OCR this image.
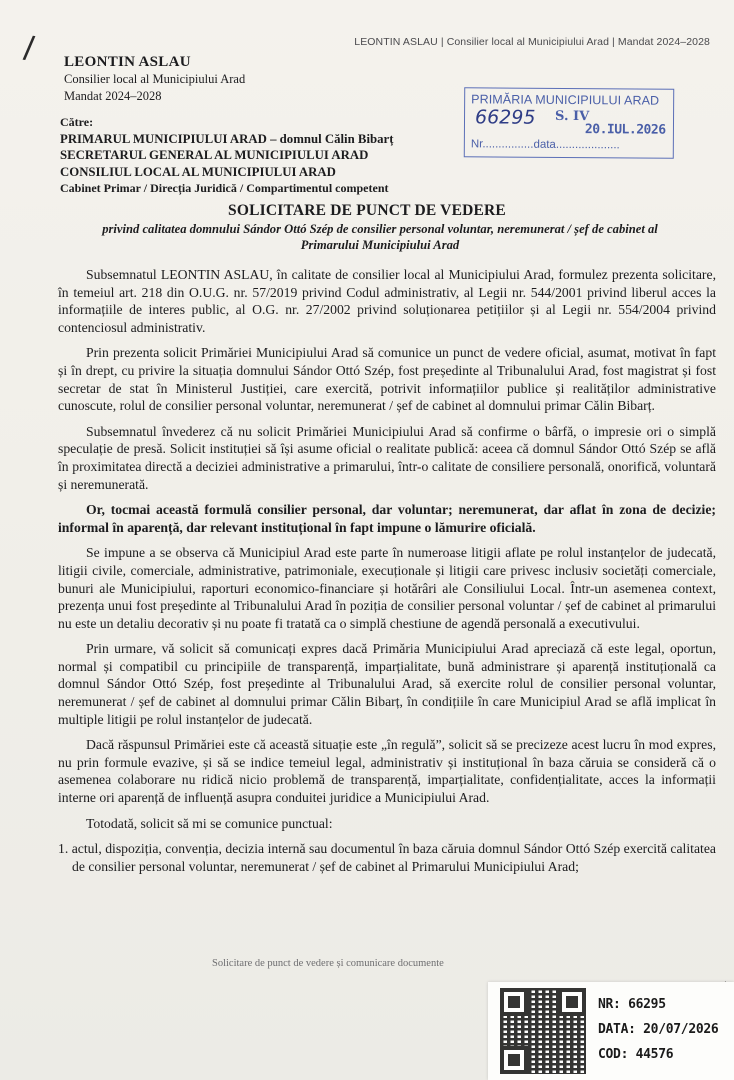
/	LEONTIN ASLAU | Consilier local al Municipiului Arad | Mandat 2024–2028
LEONTIN ASLAU
Consilier local al Municipiului Arad
Mandat 2024–2028
Către:
PRIMARUL MUNICIPIULUI ARAD – domnul Călin Bibarț
SECRETARUL GENERAL AL MUNICIPIULUI ARAD
CONSILIUL LOCAL AL MUNICIPIULUI ARAD
Cabinet Primar / Direcția Juridică / Compartimentul competent
PRIMĂRIA MUNICIPIULUI ARAD
66295 S. IV
20.IUL.2026
Nr................data....................
SOLICITARE DE PUNCT DE VEDERE
privind calitatea domnului Sándor Ottó Szép de consilier personal voluntar, neremunerat / șef de cabinet al Primarului Municipiului Arad

Subsemnatul LEONTIN ASLAU, în calitate de consilier local al Municipiului Arad, formulez prezenta solicitare, în temeiul art. 218 din O.U.G. nr. 57/2019 privind Codul administrativ, al Legii nr. 544/2001 privind liberul acces la informațiile de interes public, al O.G. nr. 27/2002 privind soluționarea petițiilor și al Legii nr. 554/2004 privind contenciosul administrativ.

Prin prezenta solicit Primăriei Municipiului Arad să comunice un punct de vedere oficial, asumat, motivat în fapt și în drept, cu privire la situația domnului Sándor Ottó Szép, fost președinte al Tribunalului Arad, fost magistrat și fost secretar de stat în Ministerul Justiției, care exercită, potrivit informațiilor publice și realităților administrative cunoscute, rolul de consilier personal voluntar, neremunerat / șef de cabinet al domnului primar Călin Bibarț.

Subsemnatul învederez că nu solicit Primăriei Municipiului Arad să confirme o bârfă, o impresie ori o simplă speculație de presă. Solicit instituției să își asume oficial o realitate publică: aceea că domnul Sándor Ottó Szép se află în proximitatea directă a deciziei administrative a primarului, într-o calitate de consiliere personală, onorifică, voluntară și neremunerată.

Or, tocmai această formulă consilier personal, dar voluntar; neremunerat, dar aflat în zona de decizie; informal în aparență, dar relevant instituțional în fapt impune o lămurire oficială.

Se impune a se observa că Municipiul Arad este parte în numeroase litigii aflate pe rolul instanțelor de judecată, litigii civile, comerciale, administrative, patrimoniale, execuționale și litigii care privesc inclusiv societăți comerciale, bunuri ale Municipiului, raporturi economico-financiare și hotărâri ale Consiliului Local. Într-un asemenea context, prezența unui fost președinte al Tribunalului Arad în poziția de consilier personal voluntar / șef de cabinet al primarului nu este un detaliu decorativ și nu poate fi tratată ca o simplă chestiune de agendă personală a executivului.

Prin urmare, vă solicit să comunicați expres dacă Primăria Municipiului Arad apreciază că este legal, oportun, normal și compatibil cu principiile de transparență, imparțialitate, bună administrare și aparență instituțională ca domnul Sándor Ottó Szép, fost președinte al Tribunalului Arad, să exercite rolul de consilier personal voluntar, neremunerat / șef de cabinet al domnului primar Călin Bibarț, în condițiile în care Municipiul Arad se află implicat în multiple litigii pe rolul instanțelor de judecată.

Dacă răspunsul Primăriei este că această situație este „în regulă”, solicit să se precizeze acest lucru în mod expres, nu prin formule evazive, și să se indice temeiul legal, administrativ și instituțional în baza căruia se consideră că o asemenea colaborare nu ridică nicio problemă de transparență, imparțialitate, confidențialitate, acces la informații interne ori aparență de influență asupra conduitei juridice a Municipiului Arad.

Totodată, solicit să mi se comunice punctual:

1. actul, dispoziția, convenția, decizia internă sau documentul în baza căruia domnul Sándor Ottó Szép exercită calitatea de consilier personal voluntar, neremunerat / șef de cabinet al Primarului Municipiului Arad;

Solicitare de punct de vedere și comunicare documente
NR: 66295
DATA: 20/07/2026
COD: 44576
